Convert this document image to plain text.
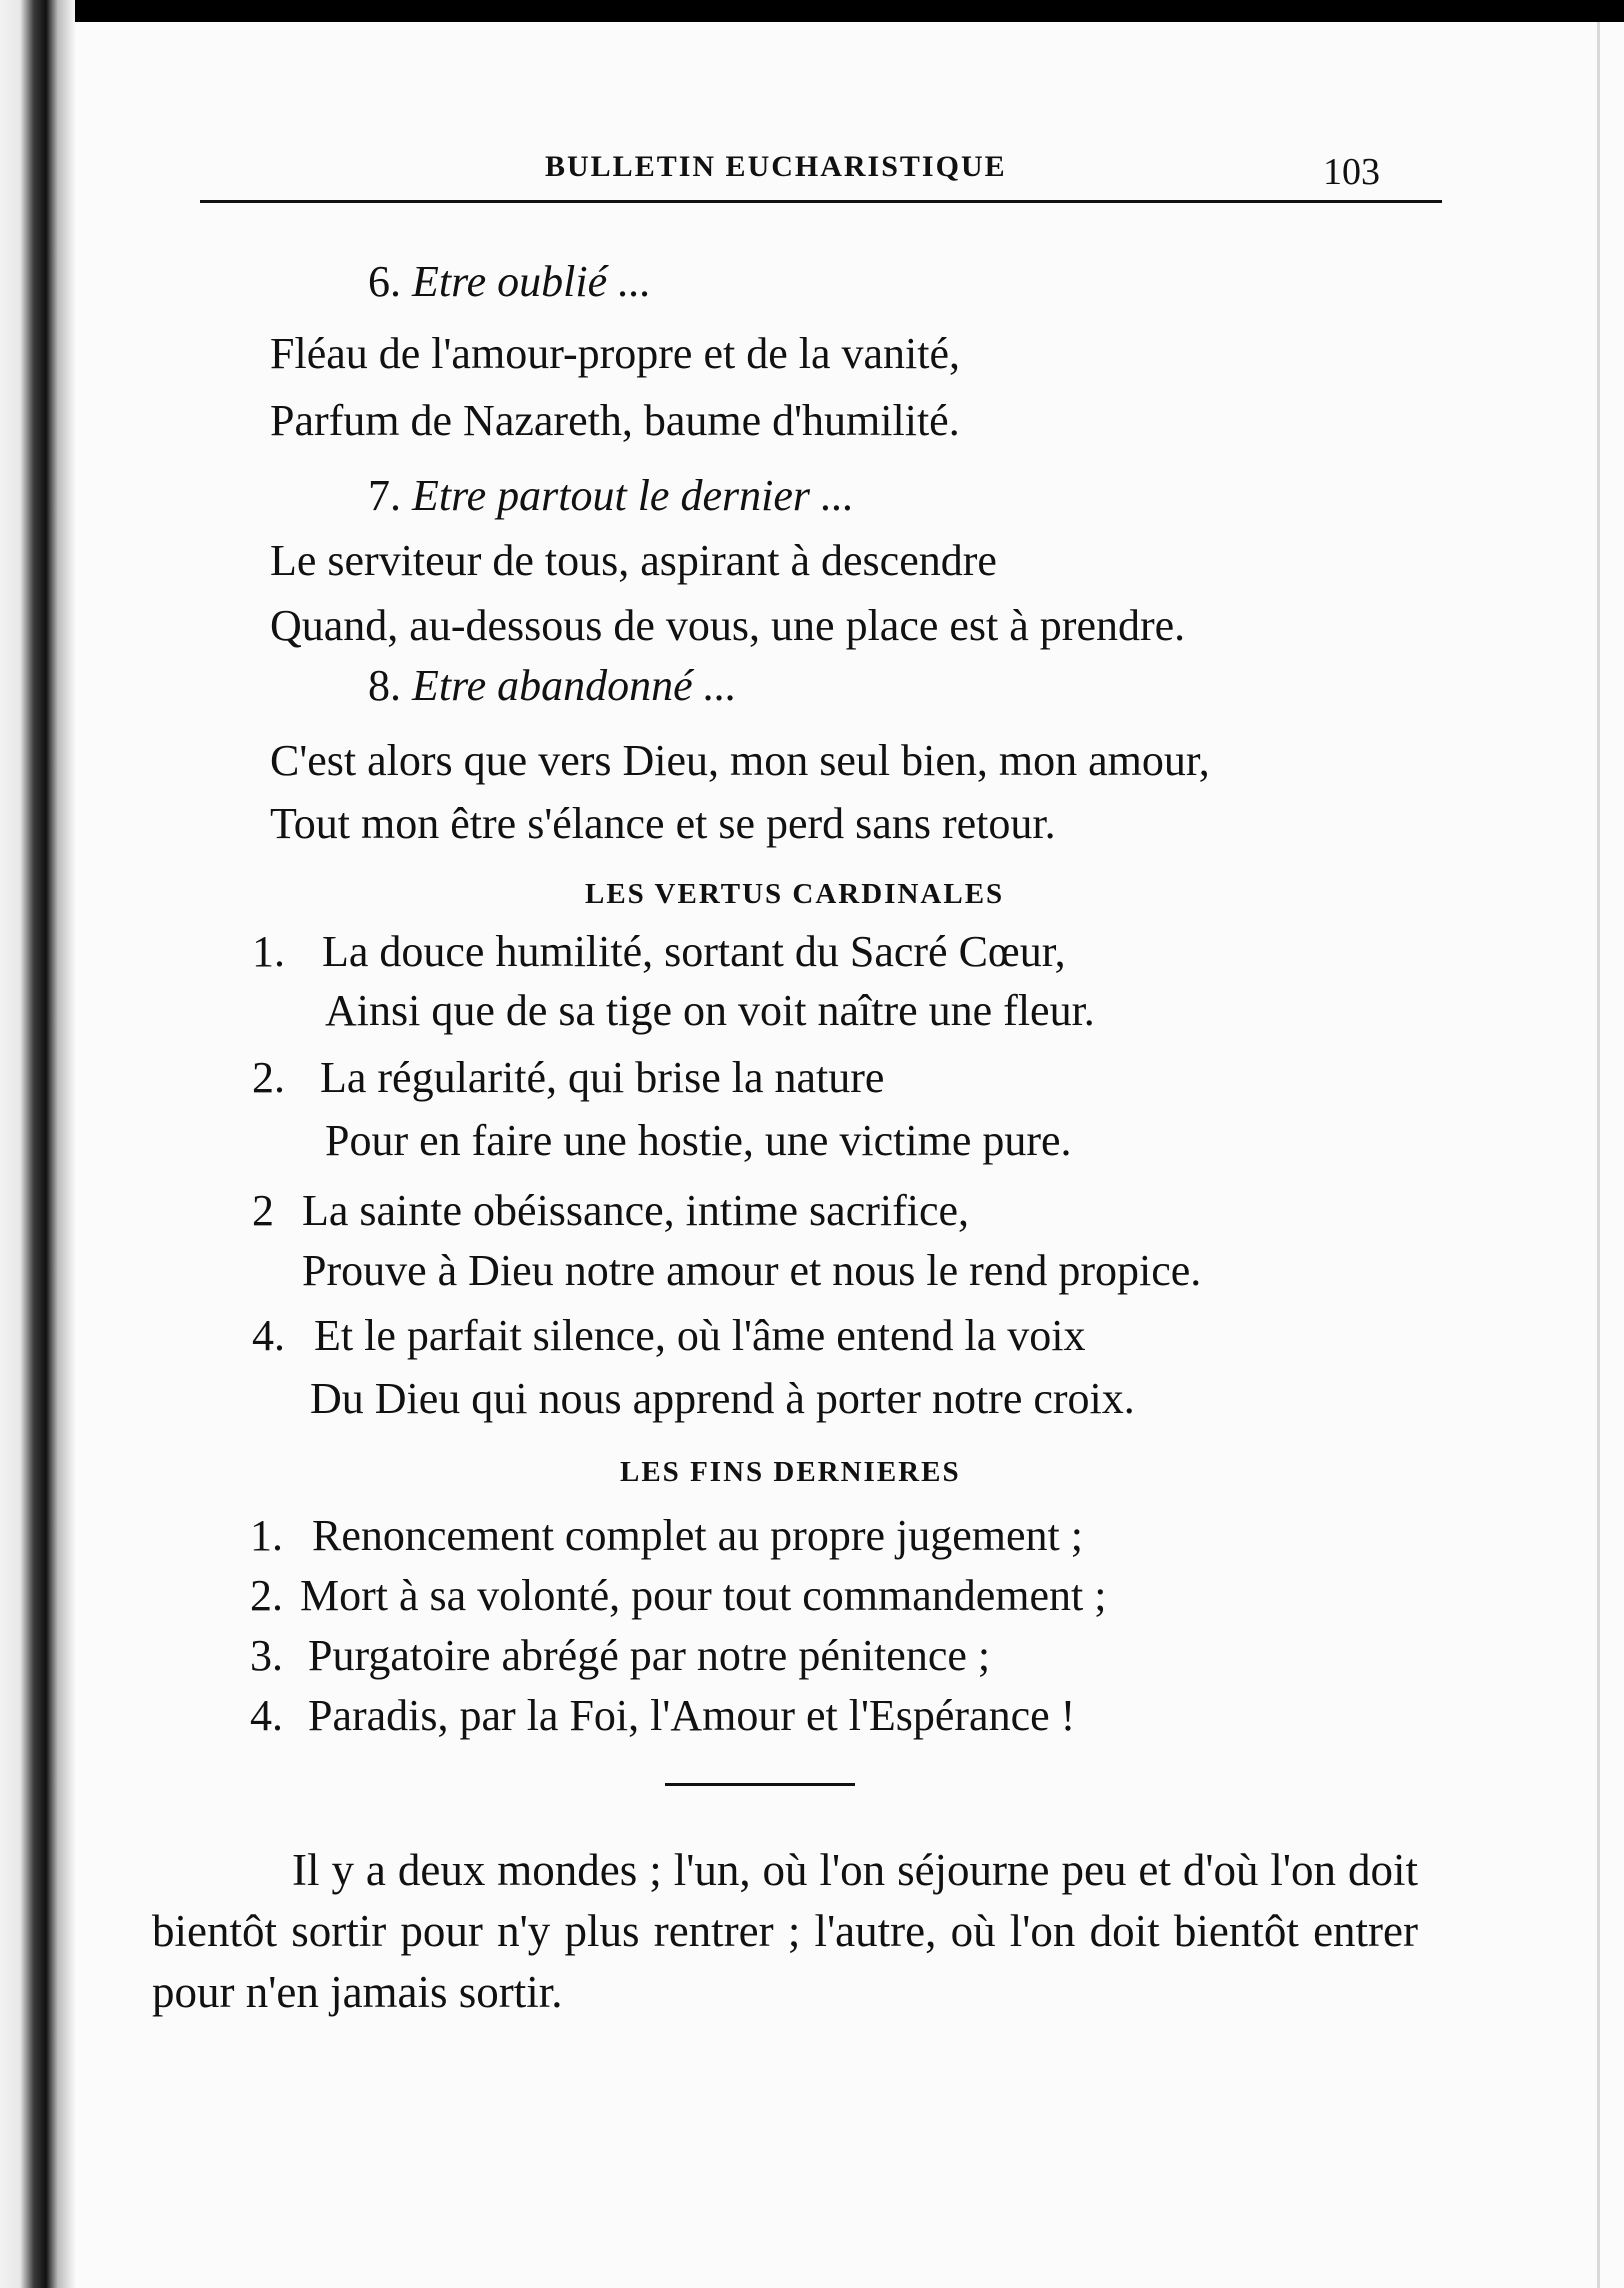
BULLETIN EUCHARISTIQUE	103
6. Etre oublié ...
Fléau de l'amour-propre et de la vanité,
Parfum de Nazareth, baume d'humilité.
7. Etre partout le dernier ...
Le serviteur de tous, aspirant à descendre
Quand, au-dessous de vous, une place est à prendre.
8. Etre abandonné ...
C'est alors que vers Dieu, mon seul bien, mon amour,
Tout mon être s'élance et se perd sans retour.
LES VERTUS CARDINALES
1. La douce humilité, sortant du Sacré Cœur,
Ainsi que de sa tige on voit naître une fleur.
2. La régularité, qui brise la nature
Pour en faire une hostie, une victime pure.
2 La sainte obéissance, intime sacrifice,
Prouve à Dieu notre amour et nous le rend propice.
4. Et le parfait silence, où l'âme entend la voix
Du Dieu qui nous apprend à porter notre croix.
LES FINS DERNIERES
1. Renoncement complet au propre jugement ;
2. Mort à sa volonté, pour tout commandement ;
3. Purgatoire abrégé par notre pénitence ;
4. Paradis, par la Foi, l'Amour et l'Espérance !
Il y a deux mondes ; l'un, où l'on séjourne peu et d'où l'on doit bientôt sortir pour n'y plus rentrer ; l'autre, où l'on doit bientôt entrer pour n'en jamais sortir.
